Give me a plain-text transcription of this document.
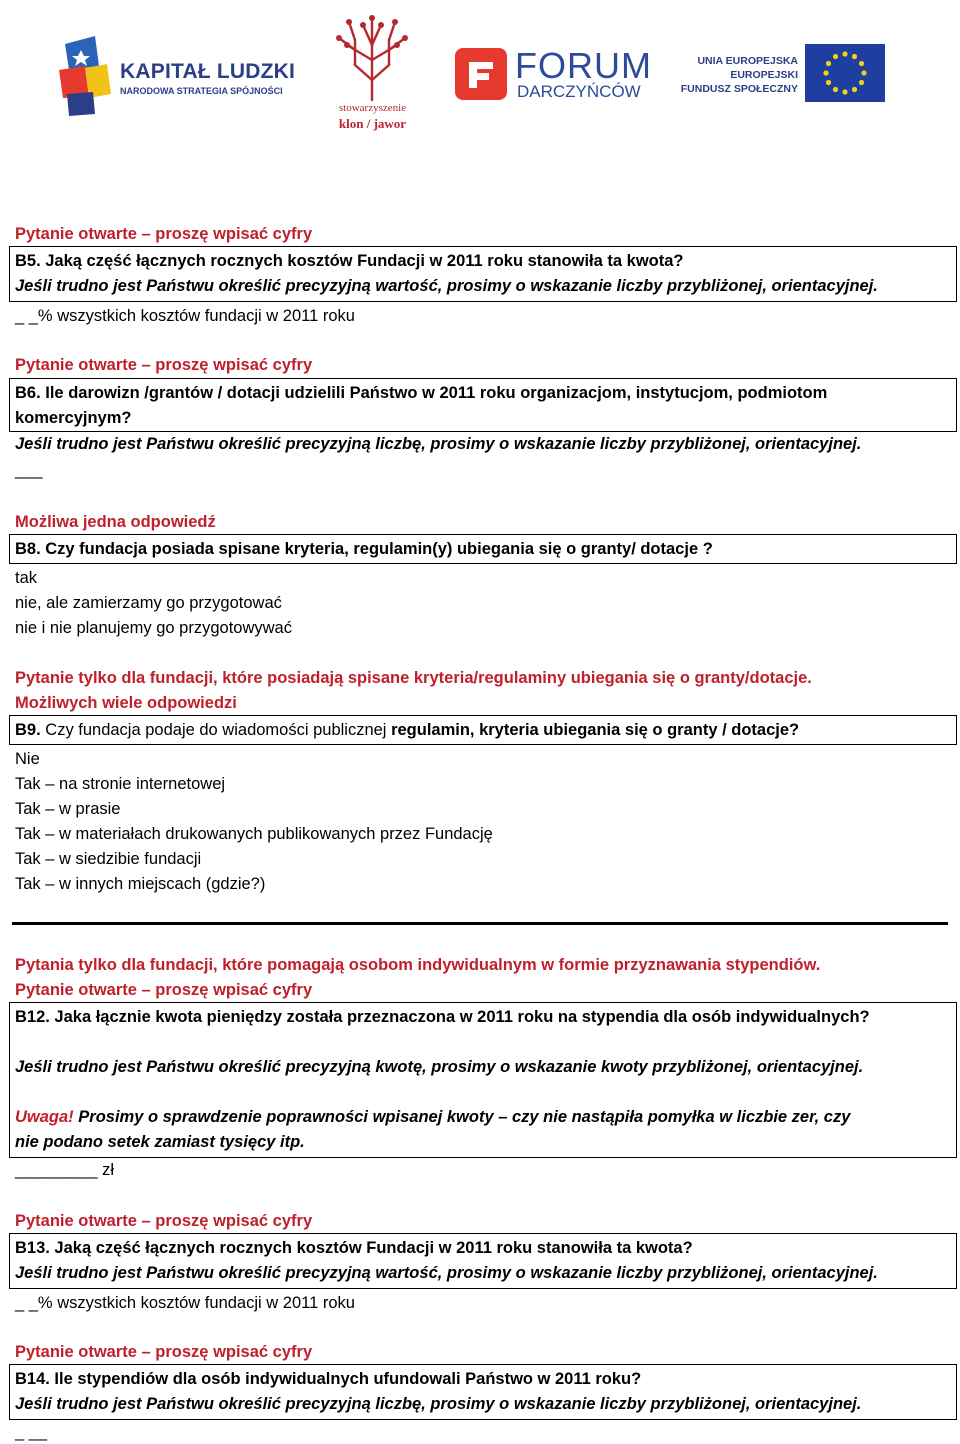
KAPITAŁ LUDZKI
NARODOWA STRATEGIA SPÓJNOŚCI
stowarzyszenie
klon / jawor
FORUM
DARCZYŃCÓW
UNIA EUROPEJSKA
EUROPEJSKI
FUNDUSZ SPOŁECZNY
Pytanie otwarte – proszę wpisać cyfry
B5. Jaką część łącznych rocznych kosztów Fundacji w 2011 roku stanowiła ta kwota?
Jeśli trudno jest Państwu określić precyzyjną wartość, prosimy o wskazanie liczby przybliżonej, orientacyjnej.
_ _% wszystkich kosztów fundacji w 2011 roku
Pytanie otwarte – proszę wpisać cyfry
B6. Ile darowizn /grantów / dotacji udzielili Państwo w 2011 roku organizacjom, instytucjom, podmiotom
komercyjnym?
Jeśli trudno jest Państwu określić precyzyjną liczbę, prosimy o wskazanie liczby przybliżonej, orientacyjnej.
___
Możliwa jedna odpowiedź
B8. Czy fundacja posiada spisane kryteria, regulamin(y) ubiegania się o granty/ dotacje ?
tak
nie, ale zamierzamy go przygotować
nie i nie planujemy go przygotowywać
Pytanie tylko dla fundacji, które posiadają spisane kryteria/regulaminy ubiegania się o granty/dotacje.
Możliwych wiele odpowiedzi
B9. Czy fundacja podaje do wiadomości publicznej regulamin, kryteria ubiegania się o granty / dotacje?
Nie
Tak – na stronie internetowej
Tak – w prasie
Tak – w materiałach drukowanych publikowanych przez Fundację
Tak – w siedzibie fundacji
Tak – w innych miejscach (gdzie?)
Pytania tylko dla fundacji, które pomagają osobom indywidualnym w formie przyznawania stypendiów.
Pytanie otwarte – proszę wpisać cyfry
B12. Jaka łącznie kwota pieniędzy została przeznaczona w 2011 roku na stypendia dla osób indywidualnych?
Jeśli trudno jest Państwu określić precyzyjną kwotę, prosimy o wskazanie kwoty przybliżonej, orientacyjnej.
Uwaga! Prosimy o sprawdzenie poprawności wpisanej kwoty – czy nie nastąpiła pomyłka w liczbie zer, czy
nie podano setek zamiast tysięcy itp.
_________ zł
Pytanie otwarte – proszę wpisać cyfry
B13. Jaką część łącznych rocznych kosztów Fundacji w 2011 roku stanowiła ta kwota?
Jeśli trudno jest Państwu określić precyzyjną wartość, prosimy o wskazanie liczby przybliżonej, orientacyjnej.
_ _% wszystkich kosztów fundacji w 2011 roku
Pytanie otwarte – proszę wpisać cyfry
B14. Ile stypendiów dla osób indywidualnych ufundowali Państwo w 2011 roku?
Jeśli trudno jest Państwu określić precyzyjną liczbę, prosimy o wskazanie liczby przybliżonej, orientacyjnej.
_ __
